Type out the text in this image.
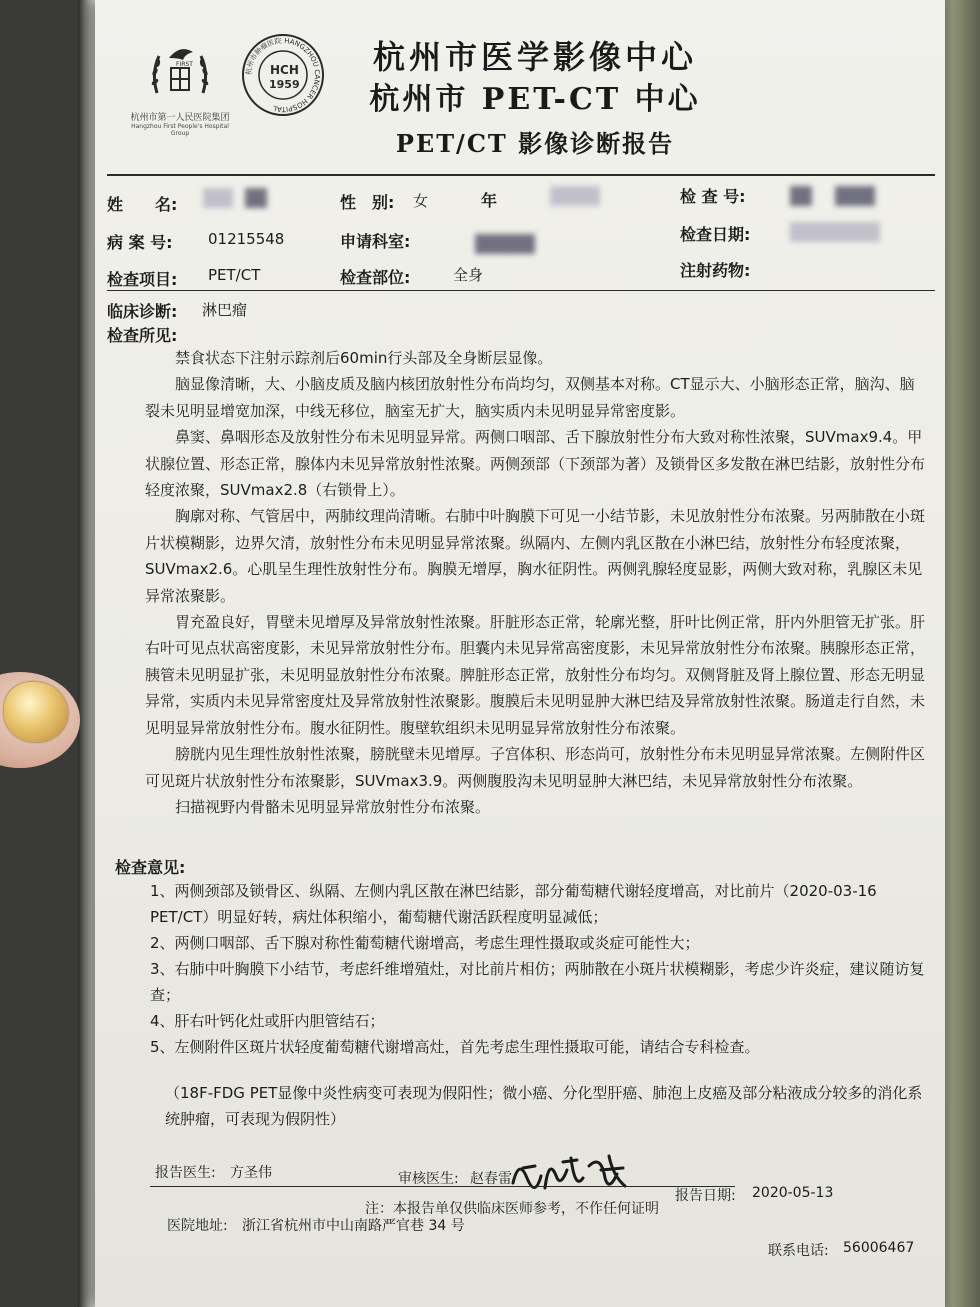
FIRST
杭州市第一人民医院集团
Hangzhou First People's Hospital Group
杭州市肿瘤医院 HANGZHOU CANCER HOSPITAL
HCH
1959
杭州市医学影像中心
杭州市 PET-CT 中心
PET/CT 影像诊断报告
姓　　名:	性　别: 女	年	检 查 号:
病 案 号: 01215548	申请科室:	检查日期:
检查项目: PET/CT	检查部位:	全身	注射药物:
临床诊断: 淋巴瘤
检查所见:

禁食状态下注射示踪剂后60min行头部及全身断层显像。

脑显像清晰，大、小脑皮质及脑内核团放射性分布尚均匀，双侧基本对称。CT显示大、小脑形态正常，脑沟、脑裂未见明显增宽加深，中线无移位，脑室无扩大，脑实质内未见明显异常密度影。

鼻窦、鼻咽形态及放射性分布未见明显异常。两侧口咽部、舌下腺放射性分布大致对称性浓聚，SUVmax9.4。甲状腺位置、形态正常，腺体内未见异常放射性浓聚。两侧颈部（下颈部为著）及锁骨区多发散在淋巴结影，放射性分布轻度浓聚，SUVmax2.8（右锁骨上）。

胸廓对称、气管居中，两肺纹理尚清晰。右肺中叶胸膜下可见一小结节影，未见放射性分布浓聚。另两肺散在小斑片状模糊影，边界欠清，放射性分布未见明显异常浓聚。纵隔内、左侧内乳区散在小淋巴结，放射性分布轻度浓聚，SUVmax2.6。心肌呈生理性放射性分布。胸膜无增厚，胸水征阴性。两侧乳腺轻度显影，两侧大致对称，乳腺区未见异常浓聚影。

胃充盈良好，胃壁未见增厚及异常放射性浓聚。肝脏形态正常，轮廓光整，肝叶比例正常，肝内外胆管无扩张。肝右叶可见点状高密度影，未见异常放射性分布。胆囊内未见异常高密度影，未见异常放射性分布浓聚。胰腺形态正常，胰管未见明显扩张，未见明显放射性分布浓聚。脾脏形态正常，放射性分布均匀。双侧肾脏及肾上腺位置、形态无明显异常，实质内未见异常密度灶及异常放射性浓聚影。腹膜后未见明显肿大淋巴结及异常放射性浓聚。肠道走行自然，未见明显异常放射性分布。腹水征阴性。腹壁软组织未见明显异常放射性分布浓聚。

膀胱内见生理性放射性浓聚，膀胱壁未见增厚。子宫体积、形态尚可，放射性分布未见明显异常浓聚。左侧附件区可见斑片状放射性分布浓聚影，SUVmax3.9。两侧腹股沟未见明显肿大淋巴结，未见异常放射性分布浓聚。

扫描视野内骨骼未见明显异常放射性分布浓聚。

检查意见:

1、两侧颈部及锁骨区、纵隔、左侧内乳区散在淋巴结影，部分葡萄糖代谢轻度增高，对比前片（2020-03-16 PET/CT）明显好转，病灶体积缩小，葡萄糖代谢活跃程度明显减低；

2、两侧口咽部、舌下腺对称性葡萄糖代谢增高，考虑生理性摄取或炎症可能性大；

3、右肺中叶胸膜下小结节，考虑纤维增殖灶，对比前片相仿；两肺散在小斑片状模糊影，考虑少许炎症，建议随访复查；

4、肝右叶钙化灶或肝内胆管结石；

5、左侧附件区斑片状轻度葡萄糖代谢增高灶，首先考虑生理性摄取可能，请结合专科检查。

（18F-FDG PET显像中炎性病变可表现为假阳性；微小癌、分化型肝癌、肺泡上皮癌及部分粘液成分较多的消化系统肿瘤，可表现为假阴性）
报告医生: 方圣伟	审核医生: 赵春雷
报告日期: 2020-05-13
注：本报告单仅供临床医师参考，不作任何证明
医院地址: 浙江省杭州市中山南路严官巷 34 号
联系电话: 56006467
